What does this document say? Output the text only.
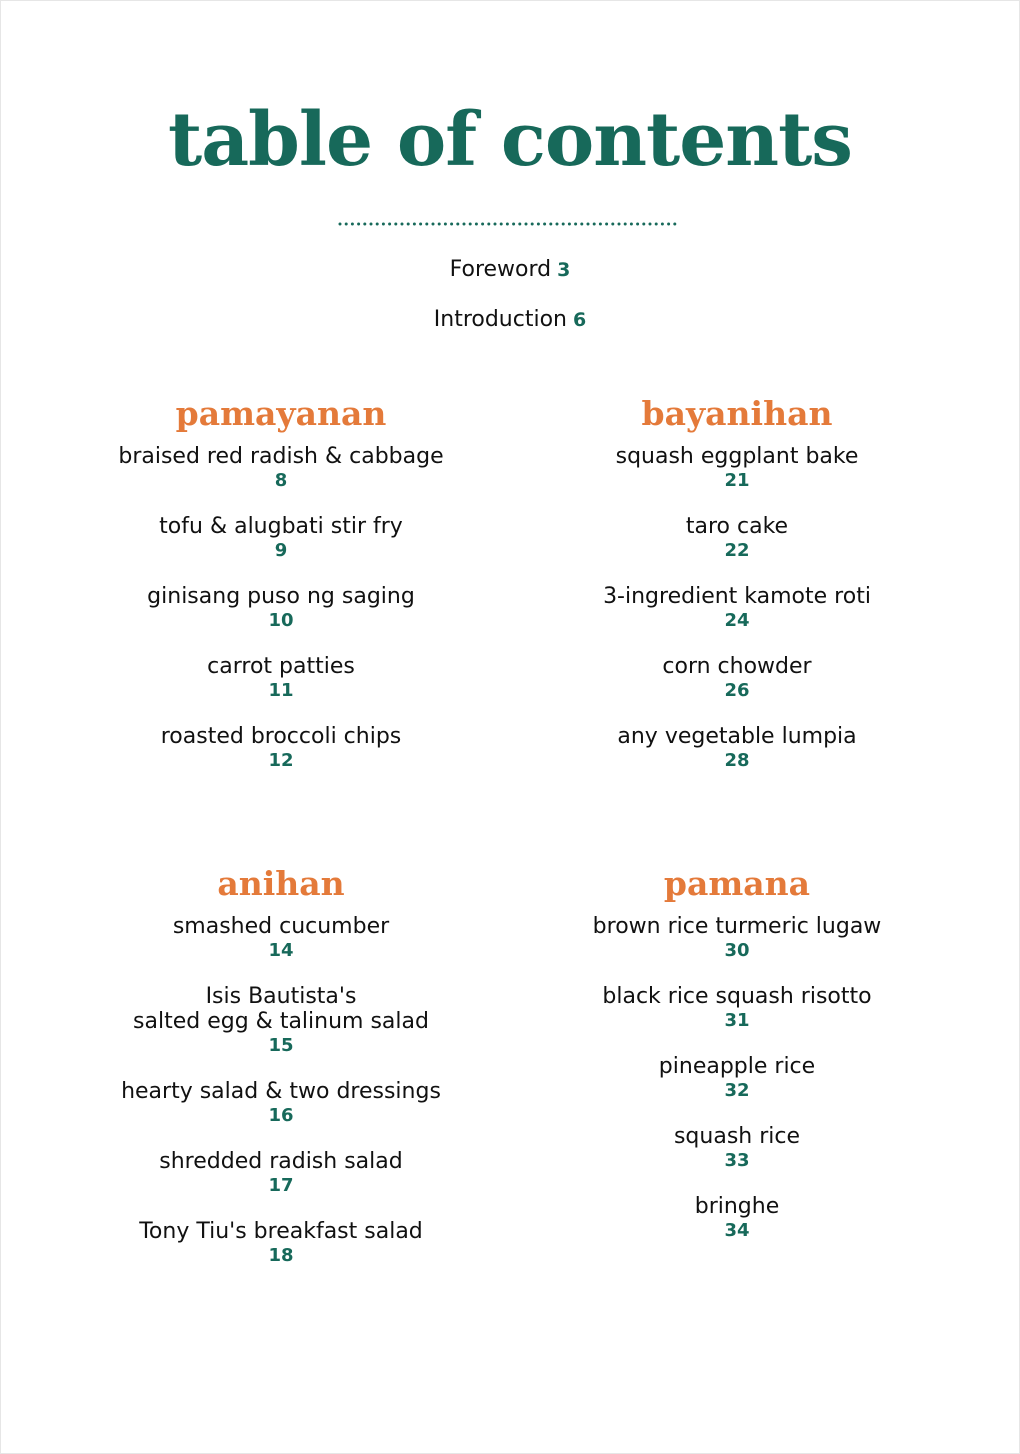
table of contents
Foreword 3
Introduction 6
pamayanan
braised red radish & cabbage
8
tofu & alugbati stir fry
9
ginisang puso ng saging
10
carrot patties
11
roasted broccoli chips
12
bayanihan
squash eggplant bake
21
taro cake
22
3-ingredient kamote roti
24
corn chowder
26
any vegetable lumpia
28
anihan
smashed cucumber
14
Isis Bautista's
salted egg & talinum salad
15
hearty salad & two dressings
16
shredded radish salad
17
Tony Tiu's breakfast salad
18
pamana
brown rice turmeric lugaw
30
black rice squash risotto
31
pineapple rice
32
squash rice
33
bringhe
34
